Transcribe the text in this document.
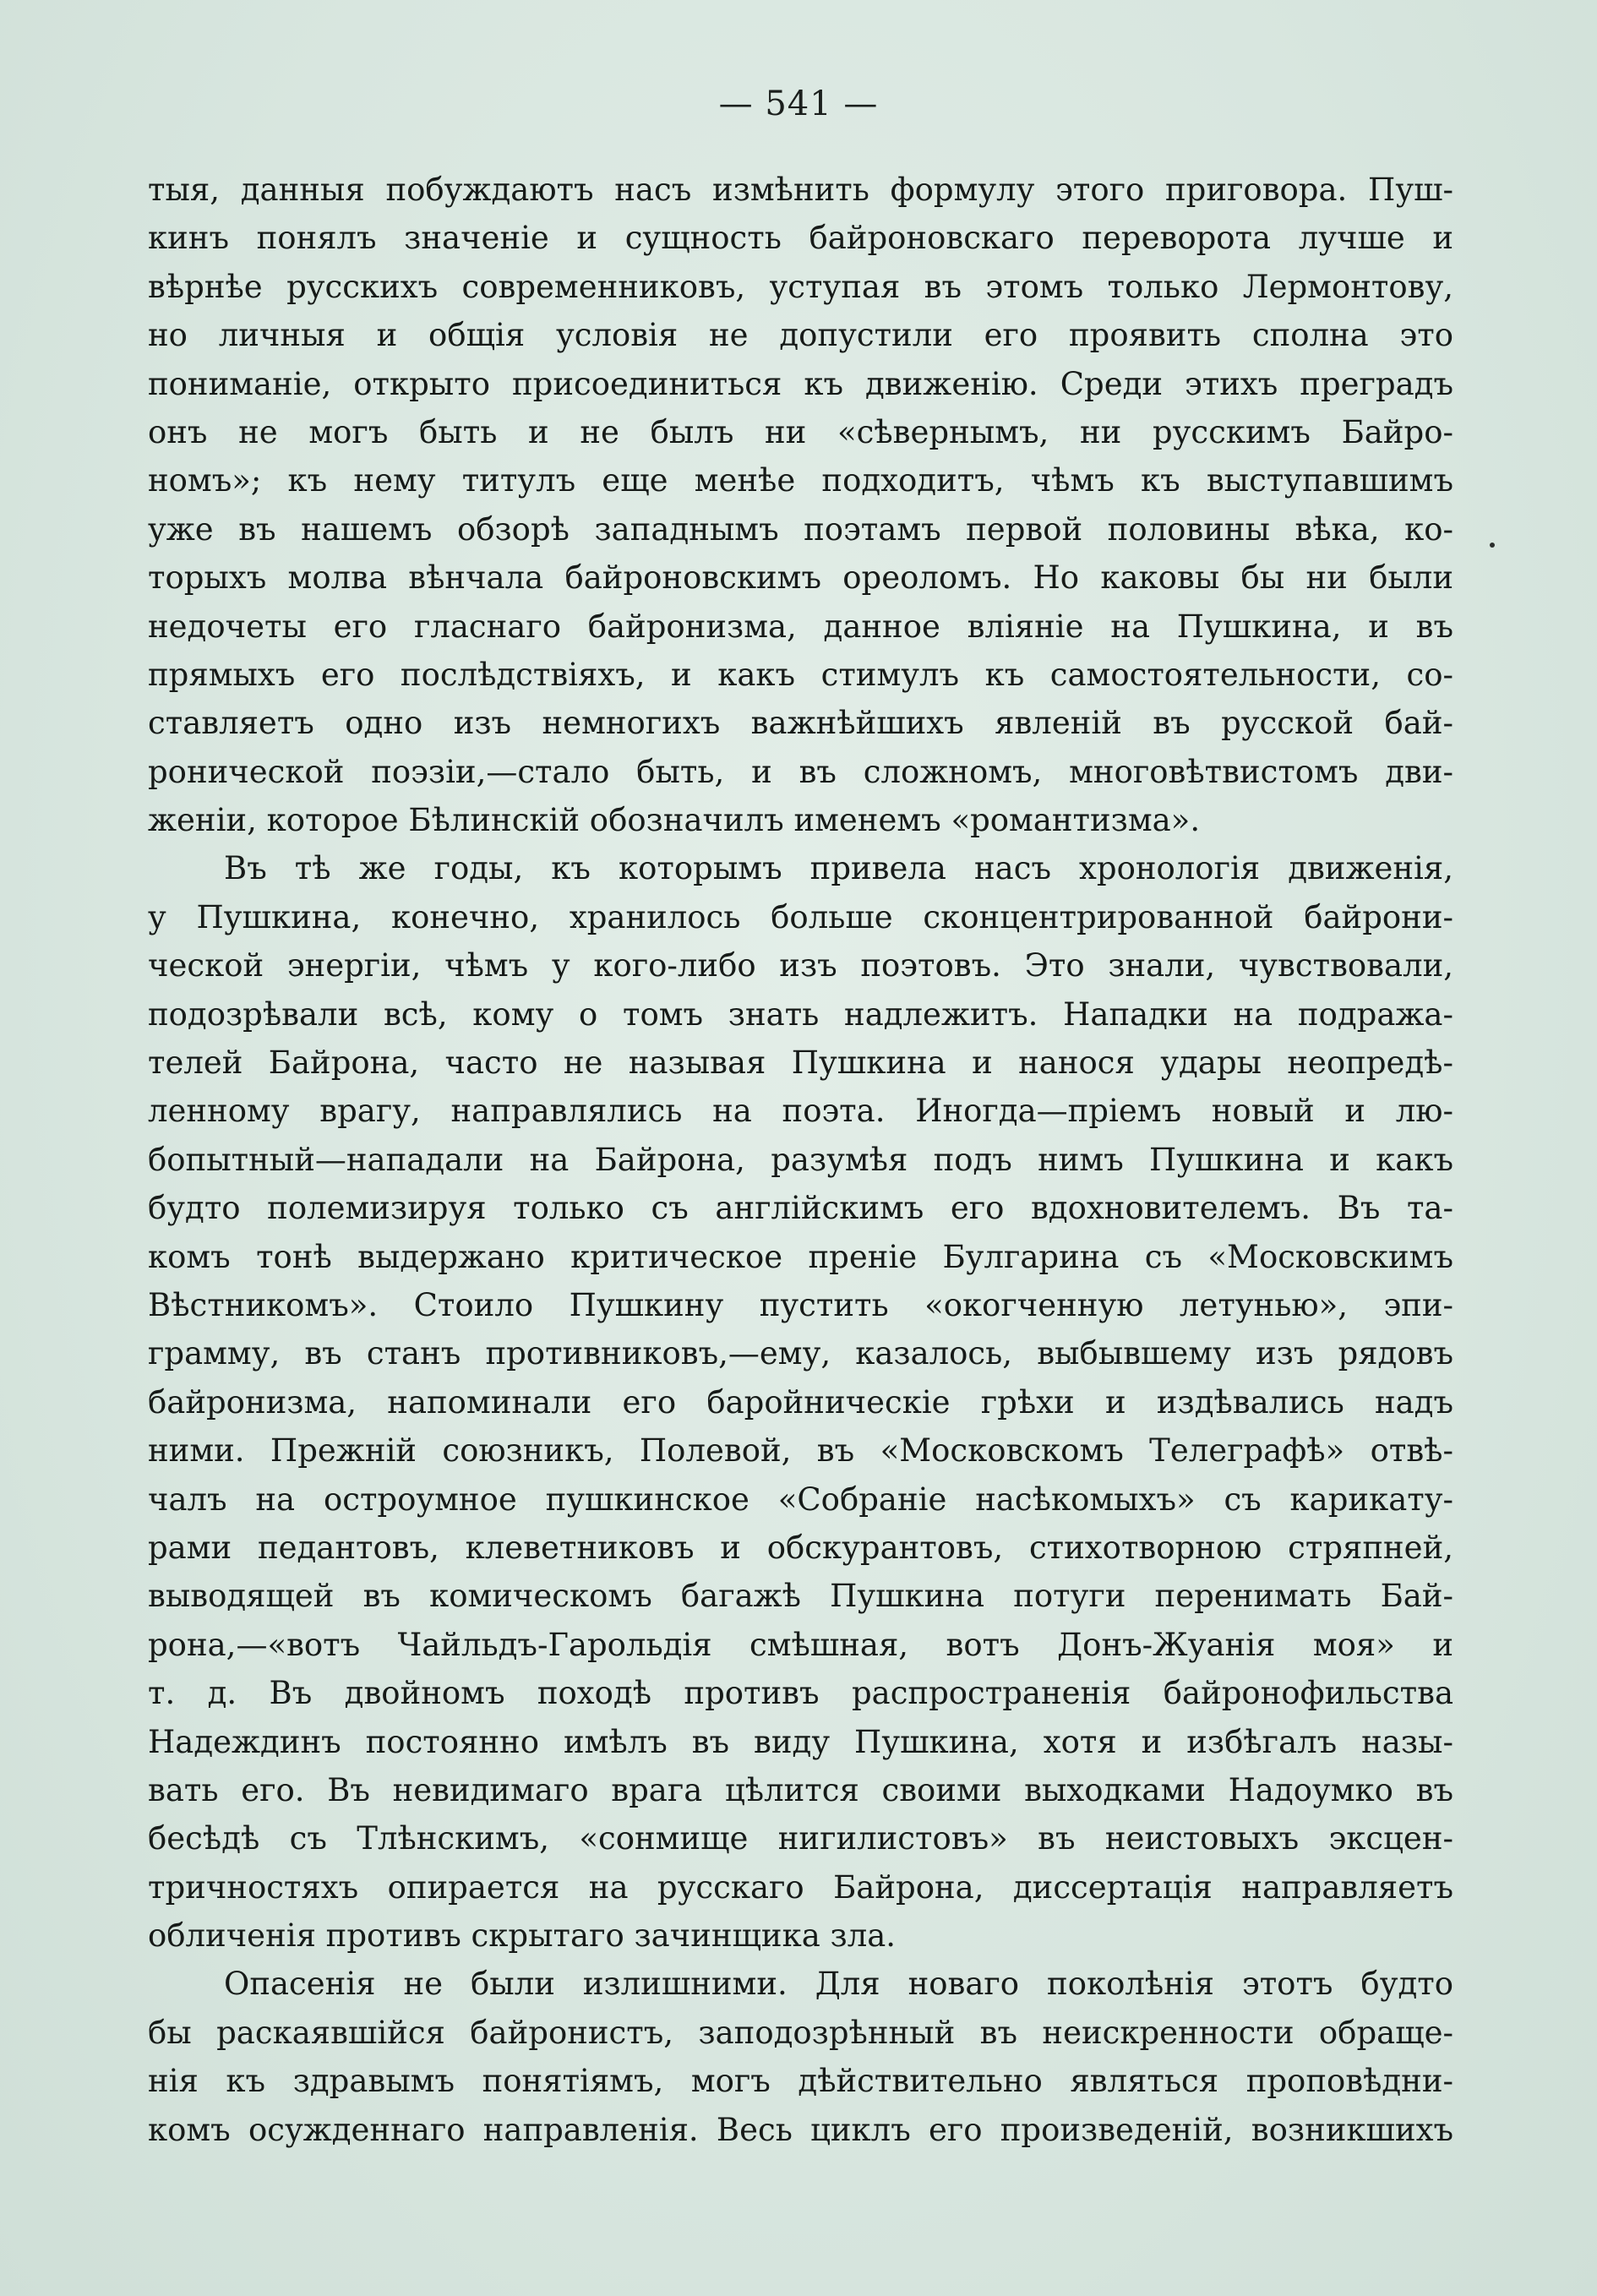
— 541 —
тыя, данныя побуждаютъ насъ измѣнить формулу этого приговора. Пуш-
кинъ понялъ значеніе и сущность байроновскаго переворота лучше и
вѣрнѣе русскихъ современниковъ, уступая въ этомъ только Лермонтову,
но личныя и общія условія не допустили его проявить сполна это
пониманіе, открыто присоединиться къ движенію. Среди этихъ преградъ
онъ не могъ быть и не былъ ни «сѣвернымъ, ни русскимъ Байро-
номъ»; къ нему титулъ еще менѣе подходитъ, чѣмъ къ выступавшимъ
уже въ нашемъ обзорѣ западнымъ поэтамъ первой половины вѣка, ко-
торыхъ молва вѣнчала байроновскимъ ореоломъ. Но каковы бы ни были
недочеты его гласнаго байронизма, данное вліяніе на Пушкина, и въ
прямыхъ его послѣдствіяхъ, и какъ стимулъ къ самостоятельности, со-
ставляетъ одно изъ немногихъ важнѣйшихъ явленій въ русской бай-
ронической поэзіи,—стало быть, и въ сложномъ, многовѣтвистомъ дви-
женіи, которое Бѣлинскій обозначилъ именемъ «романтизма».
Въ тѣ же годы, къ которымъ привела насъ хронологія движенія,
у Пушкина, конечно, хранилось больше сконцентрированной байрони-
ческой энергіи, чѣмъ у кого-либо изъ поэтовъ. Это знали, чувствовали,
подозрѣвали всѣ, кому о томъ знать надлежитъ. Нападки на подража-
телей Байрона, часто не называя Пушкина и нанося удары неопредѣ-
ленному врагу, направлялись на поэта. Иногда—пріемъ новый и лю-
бопытный—нападали на Байрона, разумѣя подъ нимъ Пушкина и какъ
будто полемизируя только съ англійскимъ его вдохновителемъ. Въ та-
комъ тонѣ выдержано критическое преніе Булгарина съ «Московскимъ
Вѣстникомъ». Стоило Пушкину пустить «окогченную летунью», эпи-
грамму, въ станъ противниковъ,—ему, казалось, выбывшему изъ рядовъ
байронизма, напоминали его баройническіе грѣхи и издѣвались надъ
ними. Прежній союзникъ, Полевой, въ «Московскомъ Телеграфѣ» отвѣ-
чалъ на остроумное пушкинское «Собраніе насѣкомыхъ» съ карикату-
рами педантовъ, клеветниковъ и обскурантовъ, стихотворною стряпней,
выводящей въ комическомъ багажѣ Пушкина потуги перенимать Бай-
рона,—«вотъ Чайльдъ-Гарольдія смѣшная, вотъ Донъ-Жуанія моя» и
т. д. Въ двойномъ походѣ противъ распространенія байронофильства
Надеждинъ постоянно имѣлъ въ виду Пушкина, хотя и избѣгалъ назы-
вать его. Въ невидимаго врага цѣлится своими выходками Надоумко въ
бесѣдѣ съ Тлѣнскимъ, «сонмище нигилистовъ» въ неистовыхъ эксцен-
тричностяхъ опирается на русскаго Байрона, диссертація направляетъ
обличенія противъ скрытаго зачинщика зла.
Опасенія не были излишними. Для новаго поколѣнія этотъ будто
бы раскаявшійся байронистъ, заподозрѣнный въ неискренности обраще-
нія къ здравымъ понятіямъ, могъ дѣйствительно являться проповѣдни-
комъ осужденнаго направленія. Весь циклъ его произведеній, возникшихъ
